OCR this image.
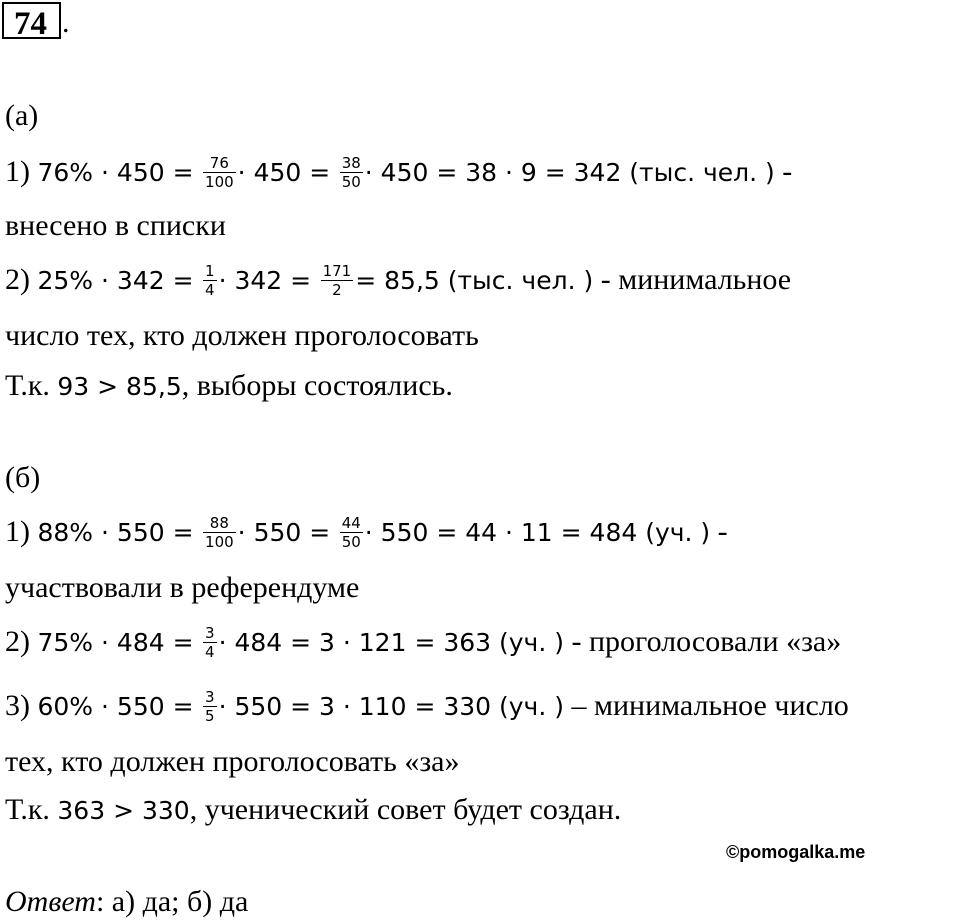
74 .
(а)
1) $76\% \cdot 450 = \frac{76}{100} \cdot 450 = \frac{38}{50} \cdot 450 = 38 \cdot 9 = 342$ (тыс. чел. ) -
внесено в списки
2) $25\% \cdot 342 = \frac{1}{4} \cdot 342 = \frac{171}{2} = 85,5$ (тыс. чел. ) - минимальное
число тех, кто должен проголосовать
Т.к. 93 > 85,5, выборы состоялись.
(б)
1) $88\% \cdot 550 = \frac{88}{100} \cdot 550 = \frac{44}{50} \cdot 550 = 44 \cdot 11 = 484$ (уч. ) -
участвовали в референдуме
2) $75\% \cdot 484 = \frac{3}{4} \cdot 484 = 3 \cdot 121 = 363$ (уч. ) - проголосовали «за»
3) $60\% \cdot 550 = \frac{3}{5} \cdot 550 = 3 \cdot 110 = 330$ (уч. ) – минимальное число
тех, кто должен проголосовать «за»
Т.к. 363 > 330, ученический совет будет создан.
©pomogalka.me
Ответ: а) да; б) да
